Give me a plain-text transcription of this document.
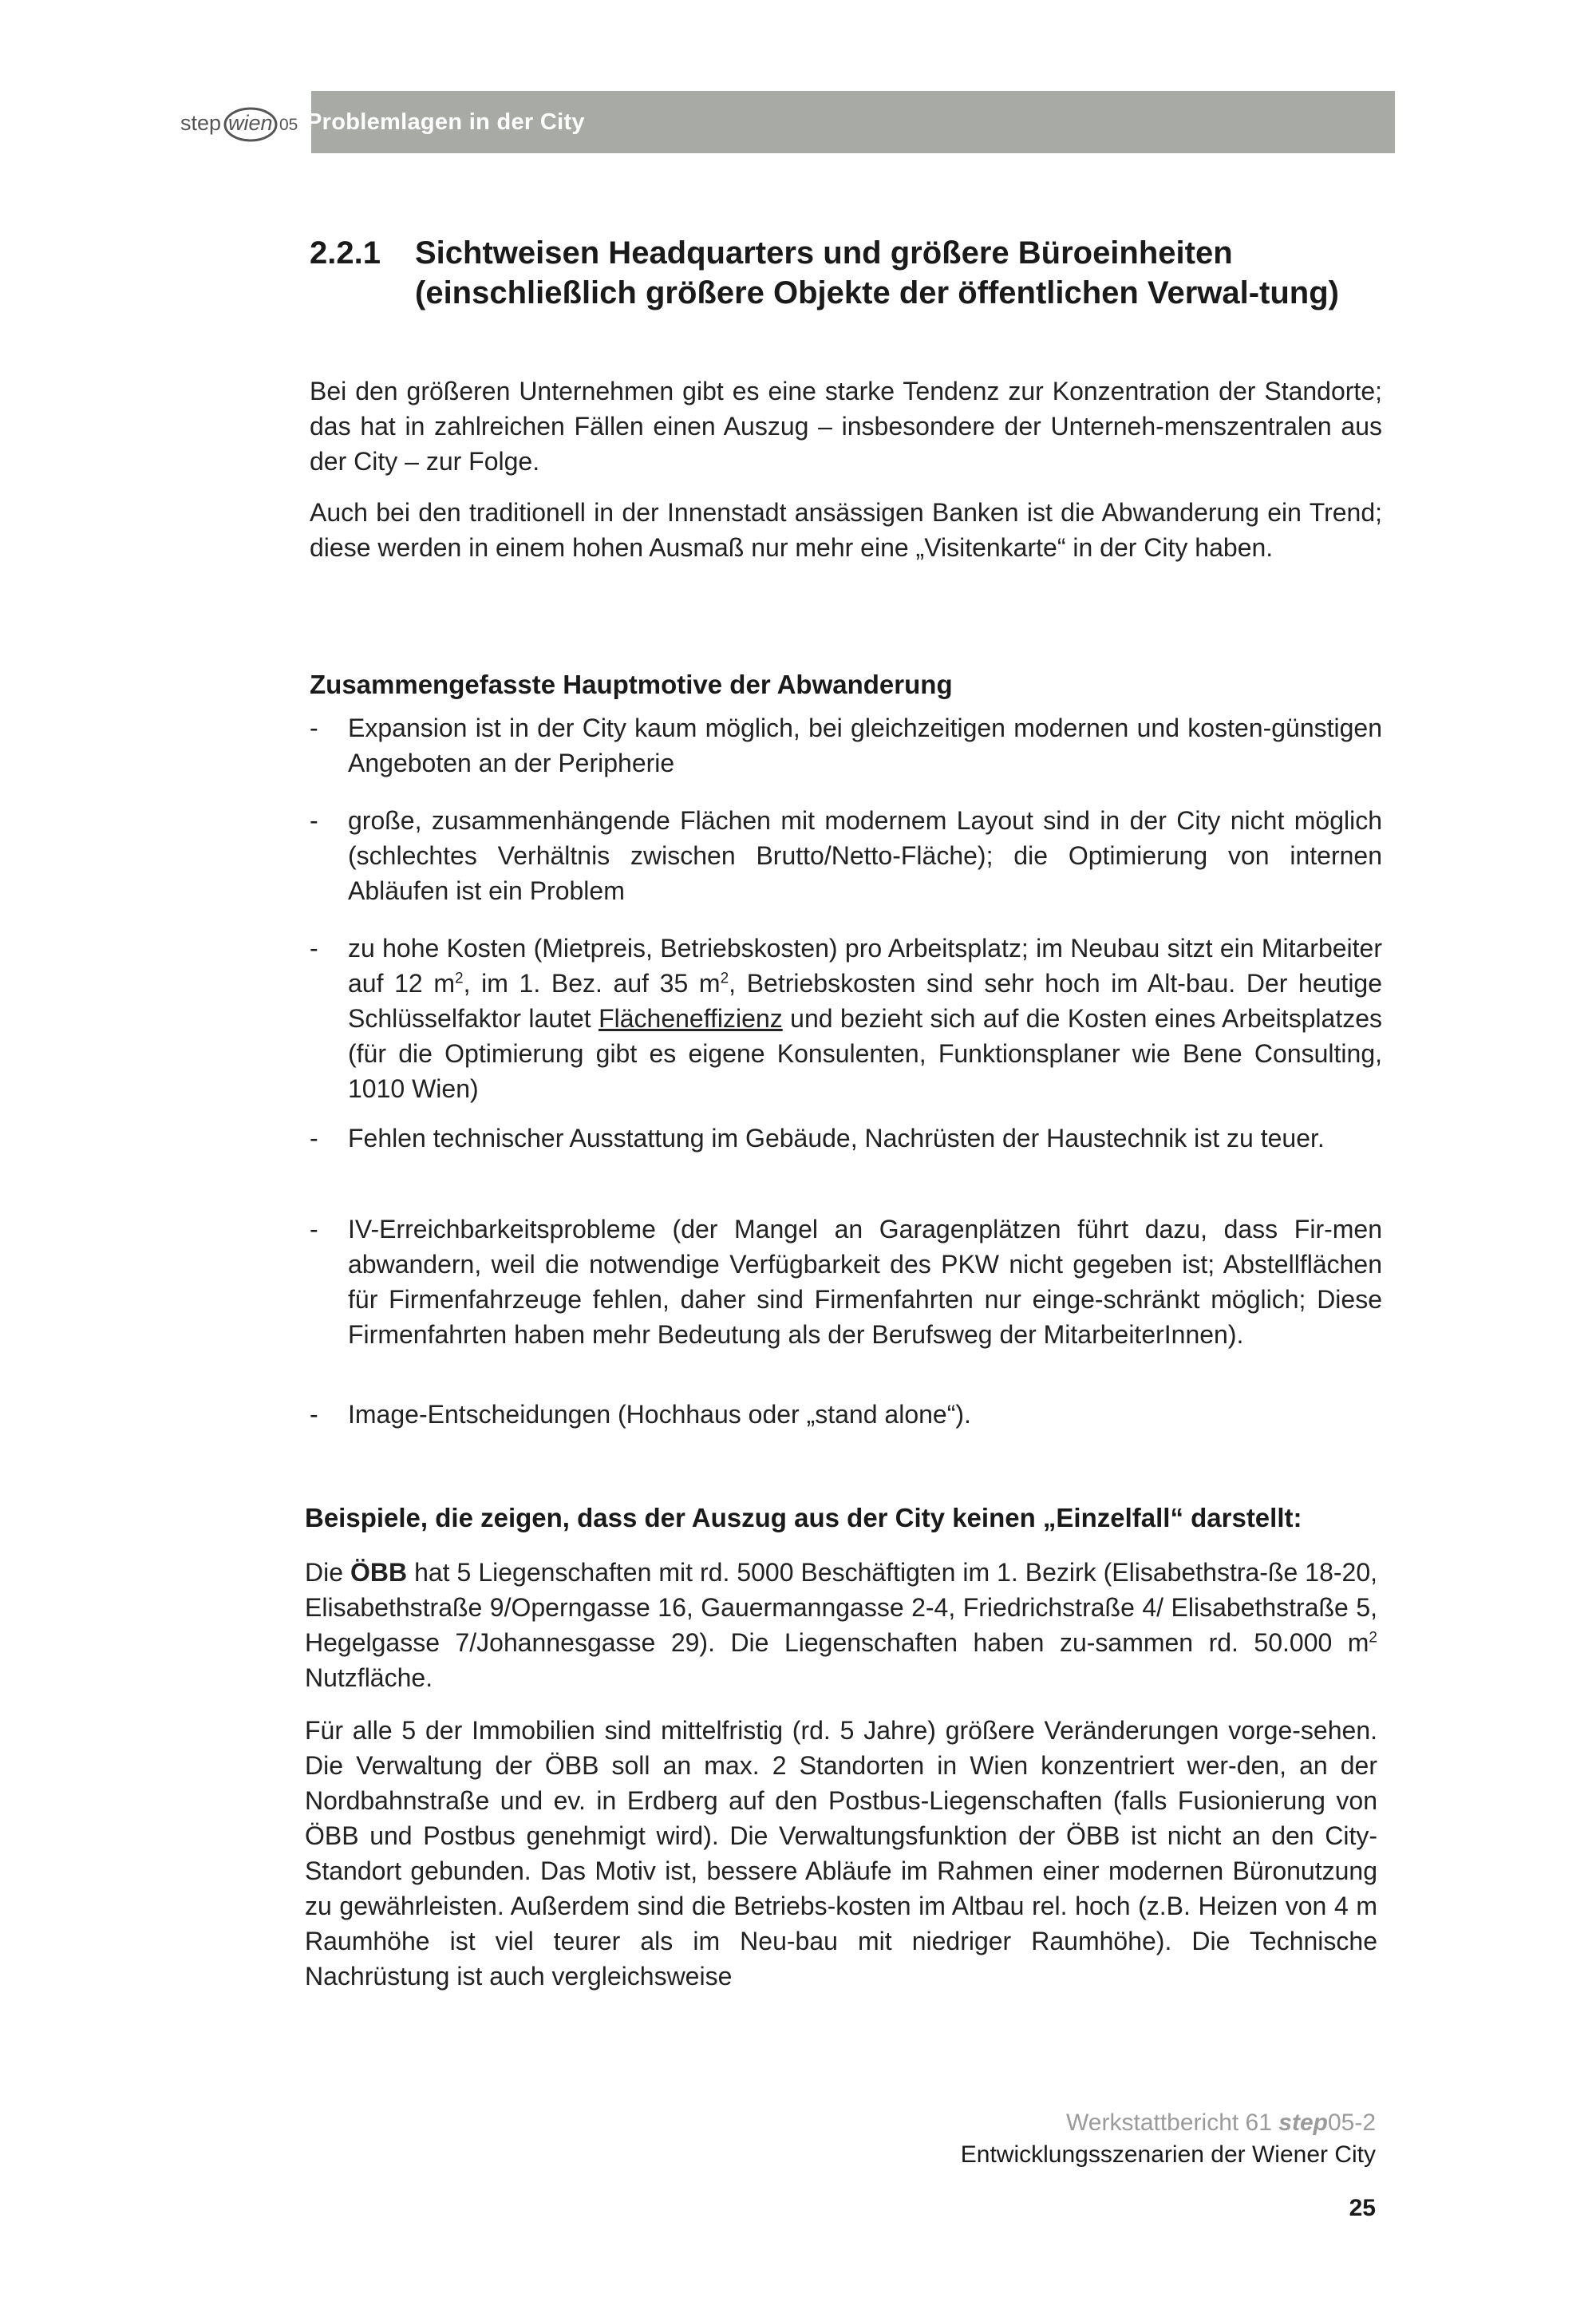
step wien 05 Problemlagen in der City
2.2.1 Sichtweisen Headquarters und größere Büroeinheiten (einschließlich größere Objekte der öffentlichen Verwal-tung)

Bei den größeren Unternehmen gibt es eine starke Tendenz zur Konzentration der Standorte; das hat in zahlreichen Fällen einen Auszug – insbesondere der Unterneh-menszentralen aus der City – zur Folge.

Auch bei den traditionell in der Innenstadt ansässigen Banken ist die Abwanderung ein Trend; diese werden in einem hohen Ausmaß nur mehr eine „Visitenkarte“ in der City haben.

Zusammengefasste Hauptmotive der Abwanderung
- Expansion ist in der City kaum möglich, bei gleichzeitigen modernen und kosten-günstigen Angeboten an der Peripherie
- große, zusammenhängende Flächen mit modernem Layout sind in der City nicht möglich (schlechtes Verhältnis zwischen Brutto/Netto-Fläche); die Optimierung von internen Abläufen ist ein Problem
- zu hohe Kosten (Mietpreis, Betriebskosten) pro Arbeitsplatz; im Neubau sitzt ein Mitarbeiter auf 12 $m^2$, im 1. Bez. auf 35 $m^2$, Betriebskosten sind sehr hoch im Alt-bau. Der heutige Schlüsselfaktor lautet Flächeneffizienz und bezieht sich auf die Kosten eines Arbeitsplatzes (für die Optimierung gibt es eigene Konsulenten, Funktionsplaner wie Bene Consulting, 1010 Wien)
- Fehlen technischer Ausstattung im Gebäude, Nachrüsten der Haustechnik ist zu teuer.
- IV-Erreichbarkeitsprobleme (der Mangel an Garagenplätzen führt dazu, dass Fir-men abwandern, weil die notwendige Verfügbarkeit des PKW nicht gegeben ist; Abstellflächen für Firmenfahrzeuge fehlen, daher sind Firmenfahrten nur einge-schränkt möglich; Diese Firmenfahrten haben mehr Bedeutung als der Berufsweg der MitarbeiterInnen).
- Image-Entscheidungen (Hochhaus oder „stand alone“).
Beispiele, die zeigen, dass der Auszug aus der City keinen „Einzelfall“ darstellt:

Die ÖBB hat 5 Liegenschaften mit rd. 5000 Beschäftigten im 1. Bezirk (Elisabethstra-ße 18-20, Elisabethstraße 9/Operngasse 16, Gauermanngasse 2-4, Friedrichstraße 4/ Elisabethstraße 5, Hegelgasse 7/Johannesgasse 29). Die Liegenschaften haben zu-sammen rd. 50.000 $m^2$ Nutzfläche.

Für alle 5 der Immobilien sind mittelfristig (rd. 5 Jahre) größere Veränderungen vorge-sehen. Die Verwaltung der ÖBB soll an max. 2 Standorten in Wien konzentriert wer-den, an der Nordbahnstraße und ev. in Erdberg auf den Postbus-Liegenschaften (falls Fusionierung von ÖBB und Postbus genehmigt wird). Die Verwaltungsfunktion der ÖBB ist nicht an den City-Standort gebunden. Das Motiv ist, bessere Abläufe im Rahmen einer modernen Büronutzung zu gewährleisten. Außerdem sind die Betriebs-kosten im Altbau rel. hoch (z.B. Heizen von 4 m Raumhöhe ist viel teurer als im Neu-bau mit niedriger Raumhöhe). Die Technische Nachrüstung ist auch vergleichsweise

Werkstattbericht 61 step05-2
Entwicklungsszenarien der Wiener City
25
